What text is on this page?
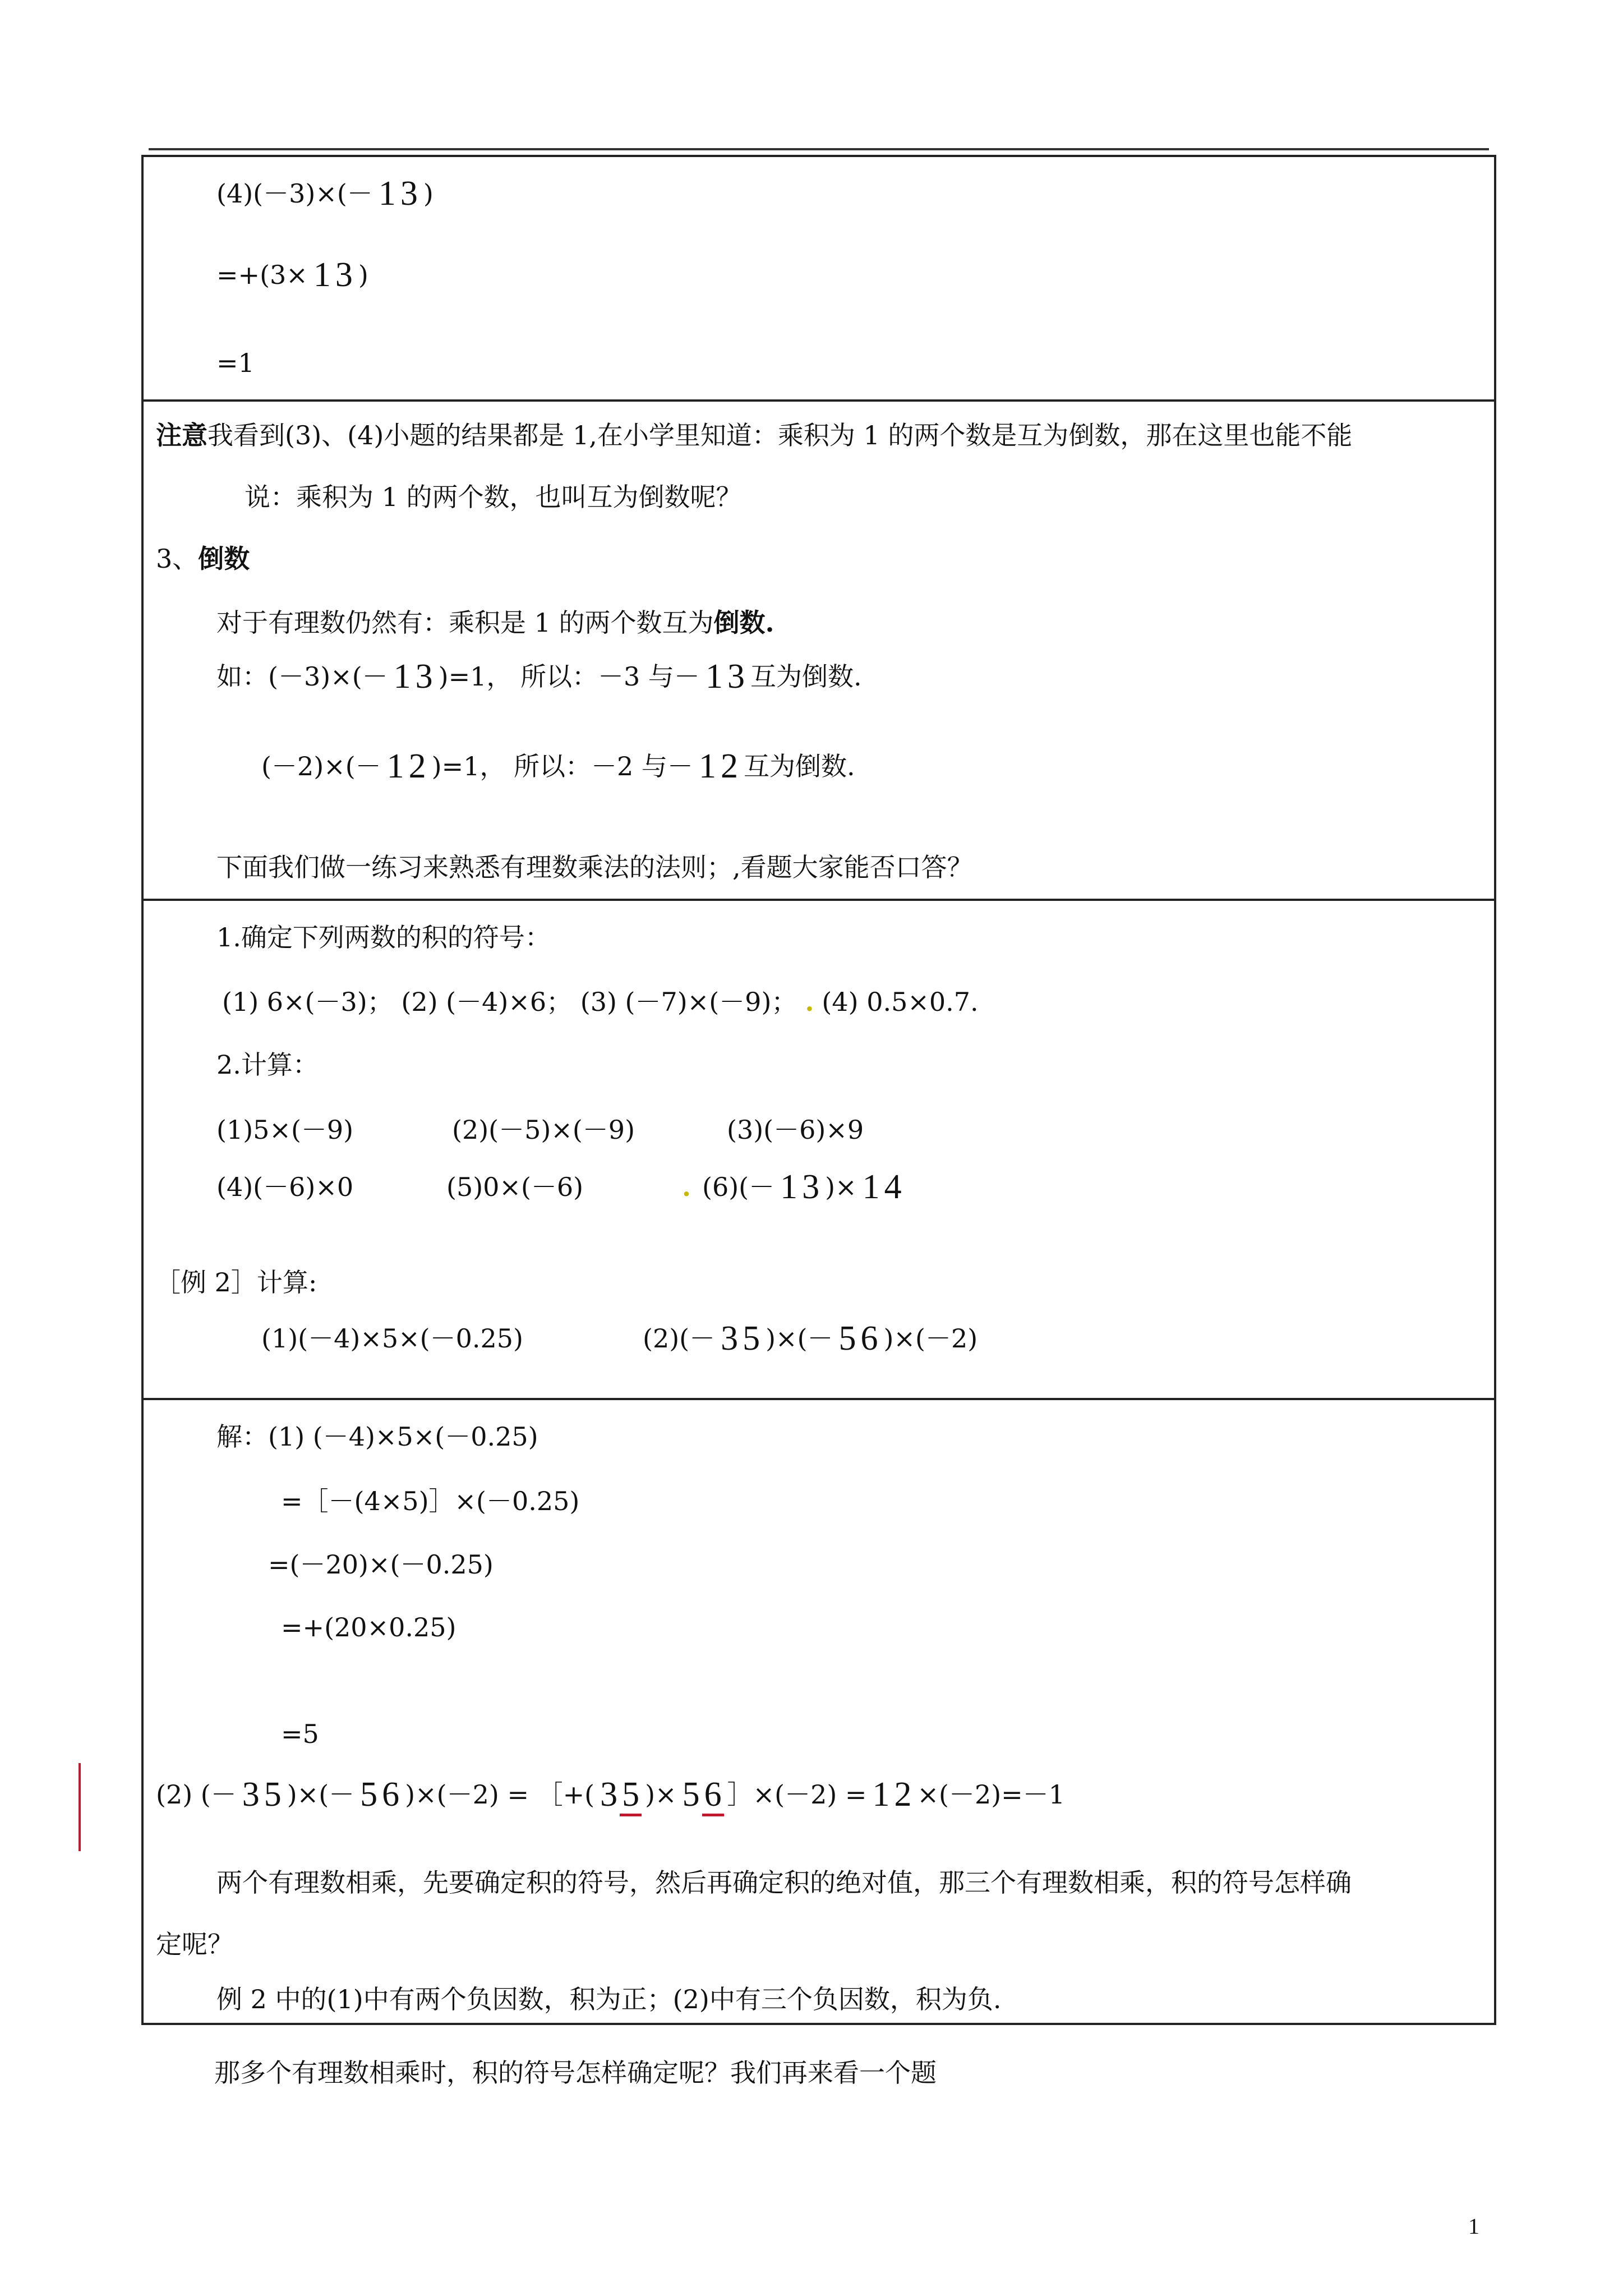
(4)(－3)×(－ 1 3 )
=+(3× 1 3 )
=1
注意 我看到(3)、(4)小题的结果都是 1,在小学里知道：乘积为 1 的两个数是互为倒数，那在这里也能不能
说：乘积为 1 的两个数，也叫互为倒数呢？
3、 倒数
对于有理数仍然有：乘积是 1 的两个数互为 倒数 .
如：(－3)×(－ 1 3 )=1， 所以：－3 与－ 1 3 互为倒数.
(－2)×(－ 1 2 )=1， 所以：－2 与－ 1 2 互为倒数.
下面我们做一练习来熟悉有理数乘法的法则；,看题大家能否口答？
1.确定下列两数的积的符号：
(1) 6×(－3)； (2) (－4)×6； (3) (－7)×(－9)； . (4) 0.5×0.7.
2.计算：
(1)5×(－9)	(2)(－5)×(－9)	(3)(－6)×9
(4)(－6)×0	(5)0×(－6)	. (6)(－ 1 3 )× 1 4
［例 2］计算:
(1)(－4)×5×(－0.25)	(2)(－ 3 5 )×(－ 5 6 )×(－2)
解：(1) (－4)×5×(－0.25)
=［－(4×5)］×(－0.25)
=(－20)×(－0.25)
=+(20×0.25)
=5
(2) (－ 3 5 )×(－ 5 6 )×(－2) = ［+( 3 5 )× 5 6 ］×(－2) = 1 2 ×(－2)=－1
两个有理数相乘，先要确定积的符号，然后再确定积的绝对值，那三个有理数相乘，积的符号怎样确
定呢？
例 2 中的(1)中有两个负因数，积为正；(2)中有三个负因数，积为负.
那多个有理数相乘时，积的符号怎样确定呢？我们再来看一个题
1
